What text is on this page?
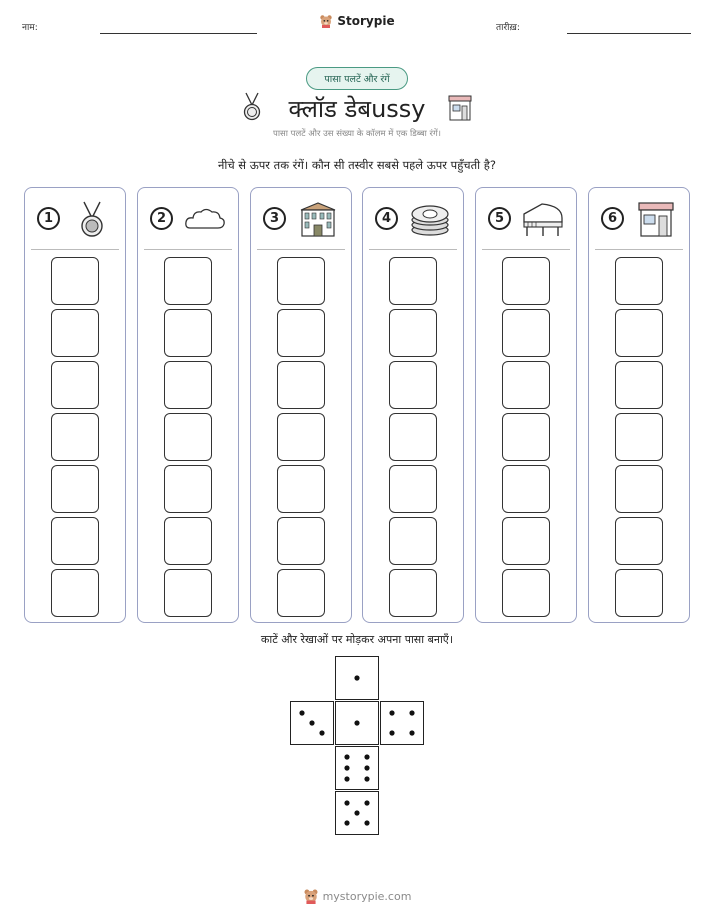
नाम:	Storypie	तारीख़:
पासा पलटें और रंगें
क्लॉड डेबussy
पासा पलटें और उस संख्या के कॉलम में एक डिब्बा रंगें।
नीचे से ऊपर तक रंगें। कौन सी तस्वीर सबसे पहले ऊपर पहुँचती है?
1	2	3	4	5	6
काटें और रेखाओं पर मोड़कर अपना पासा बनाएँ।
mystorypie.com
